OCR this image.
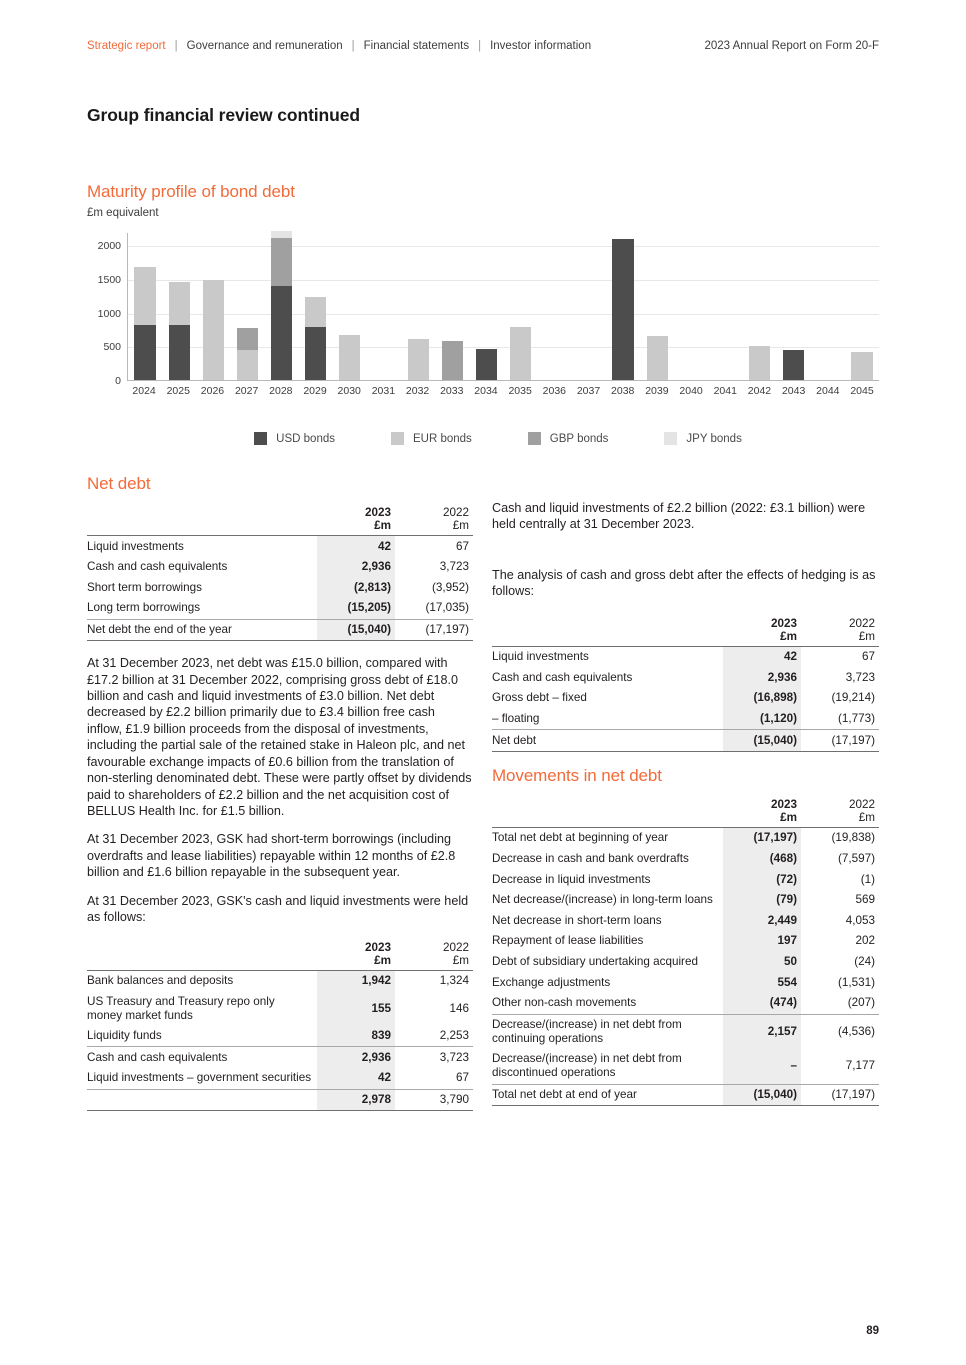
Strategic report | Governance and remuneration | Financial statements | Investor information	2023 Annual Report on Form 20-F
Group financial review continued
Maturity profile of bond debt
£m equivalent
0
500
1000
1500
2000
2024	2025	2026	2027	2028	2029	2030	2031	2032	2033	2034	2035	2036	2037	2038	2039	2040	2041	2042	2043	2044	2045
USD bonds	EUR bonds	GBP bonds	JPY bonds
Net debt

	2023
£m	2022
£m

Liquid investments	42	67
Cash and cash equivalents	2,936	3,723
Short term borrowings	(2,813)	(3,952)
Long term borrowings	(15,205)	(17,035)
Net debt the end of the year	(15,040)	(17,197)

At 31 December 2023, net debt was £15.0 billion, compared with £17.2 billion at 31 December 2022, comprising gross debt of £18.0 billion and cash and liquid investments of £3.0 billion. Net debt decreased by £2.2 billion primarily due to £3.4 billion free cash inflow, £1.9 billion proceeds from the disposal of investments, including the partial sale of the retained stake in Haleon plc, and net favourable exchange impacts of £0.6 billion from the translation of non-sterling denominated debt. These were partly offset by dividends paid to shareholders of £2.2 billion and the net acquisition cost of BELLUS Health Inc. for £1.5 billion.

At 31 December 2023, GSK had short-term borrowings (including overdrafts and lease liabilities) repayable within 12 months of £2.8 billion and £1.6 billion repayable in the subsequent year.

At 31 December 2023, GSK's cash and liquid investments were held as follows:

	2023
£m	2022
£m

Bank balances and deposits	1,942	1,324
US Treasury and Treasury repo only money market funds	155	146
Liquidity funds	839	2,253
Cash and cash equivalents	2,936	3,723
Liquid investments – government securities	42	67
	2,978	3,790

Cash and liquid investments of £2.2 billion (2022: £3.1 billion) were held centrally at 31 December 2023.

The analysis of cash and gross debt after the effects of hedging is as follows:

	2023
£m	2022
£m

Liquid investments	42	67
Cash and cash equivalents	2,936	3,723
Gross debt – fixed	(16,898)	(19,214)
– floating	(1,120)	(1,773)
Net debt	(15,040)	(17,197)
Movements in net debt

	2023
£m	2022
£m

Total net debt at beginning of year	(17,197)	(19,838)
Decrease in cash and bank overdrafts	(468)	(7,597)
Decrease in liquid investments	(72)	(1)
Net decrease/(increase) in long-term loans	(79)	569
Net decrease in short-term loans	2,449	4,053
Repayment of lease liabilities	197	202
Debt of subsidiary undertaking acquired	50	(24)
Exchange adjustments	554	(1,531)
Other non-cash movements	(474)	(207)
Decrease/(increase) in net debt from continuing operations	2,157	(4,536)
Decrease/(increase) in net debt from discontinued operations	–	7,177
Total net debt at end of year	(15,040)	(17,197)
89
